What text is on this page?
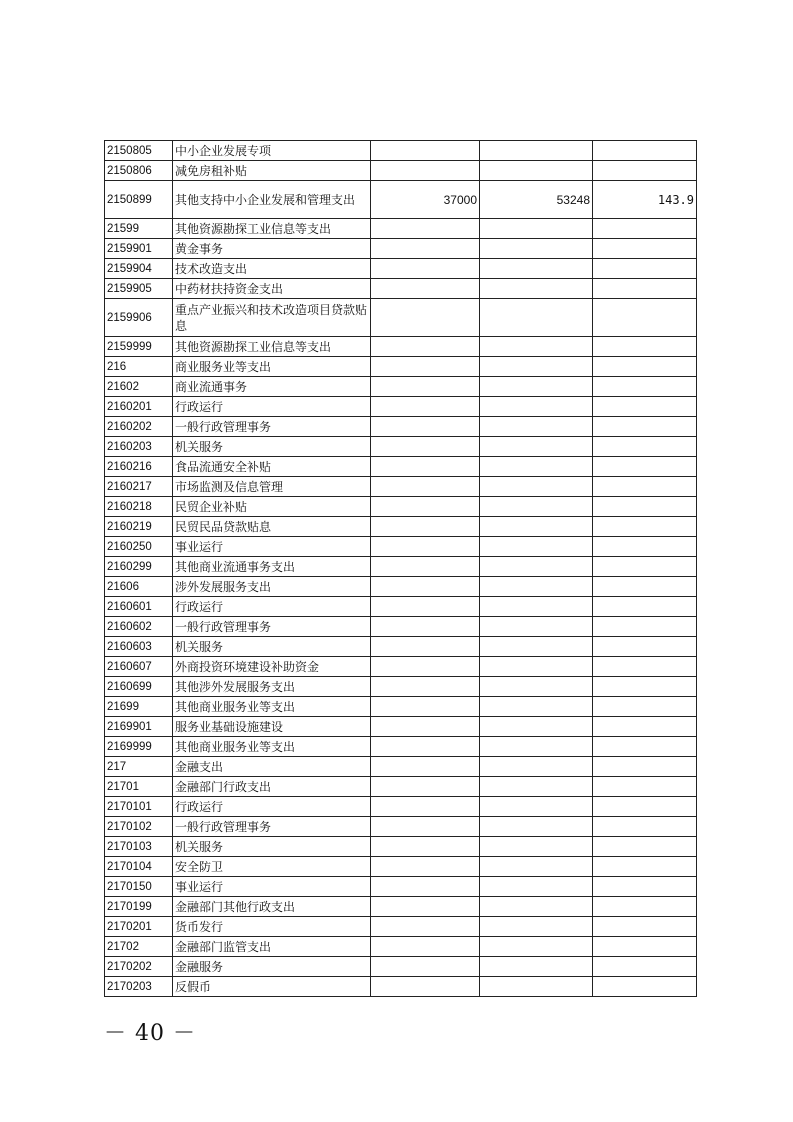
2150805	中小企业发展专项			
2150806	减免房租补贴			
2150899	其他支持中小企业发展和管理支出	37000	53248	143.9
21599	其他资源勘探工业信息等支出			
2159901	黄金事务			
2159904	技术改造支出			
2159905	中药材扶持资金支出			
2159906	重点产业振兴和技术改造项目贷款贴息			
2159999	其他资源勘探工业信息等支出			
216	商业服务业等支出			
21602	商业流通事务			
2160201	行政运行			
2160202	一般行政管理事务			
2160203	机关服务			
2160216	食品流通安全补贴			
2160217	市场监测及信息管理			
2160218	民贸企业补贴			
2160219	民贸民品贷款贴息			
2160250	事业运行			
2160299	其他商业流通事务支出			
21606	涉外发展服务支出			
2160601	行政运行			
2160602	一般行政管理事务			
2160603	机关服务			
2160607	外商投资环境建设补助资金			
2160699	其他涉外发展服务支出			
21699	其他商业服务业等支出			
2169901	服务业基础设施建设			
2169999	其他商业服务业等支出			
217	金融支出			
21701	金融部门行政支出			
2170101	行政运行			
2170102	一般行政管理事务			
2170103	机关服务			
2170104	安全防卫			
2170150	事业运行			
2170199	金融部门其他行政支出			
2170201	货币发行			
21702	金融部门监管支出			
2170202	金融服务			
2170203	反假币			
－ 40 －
